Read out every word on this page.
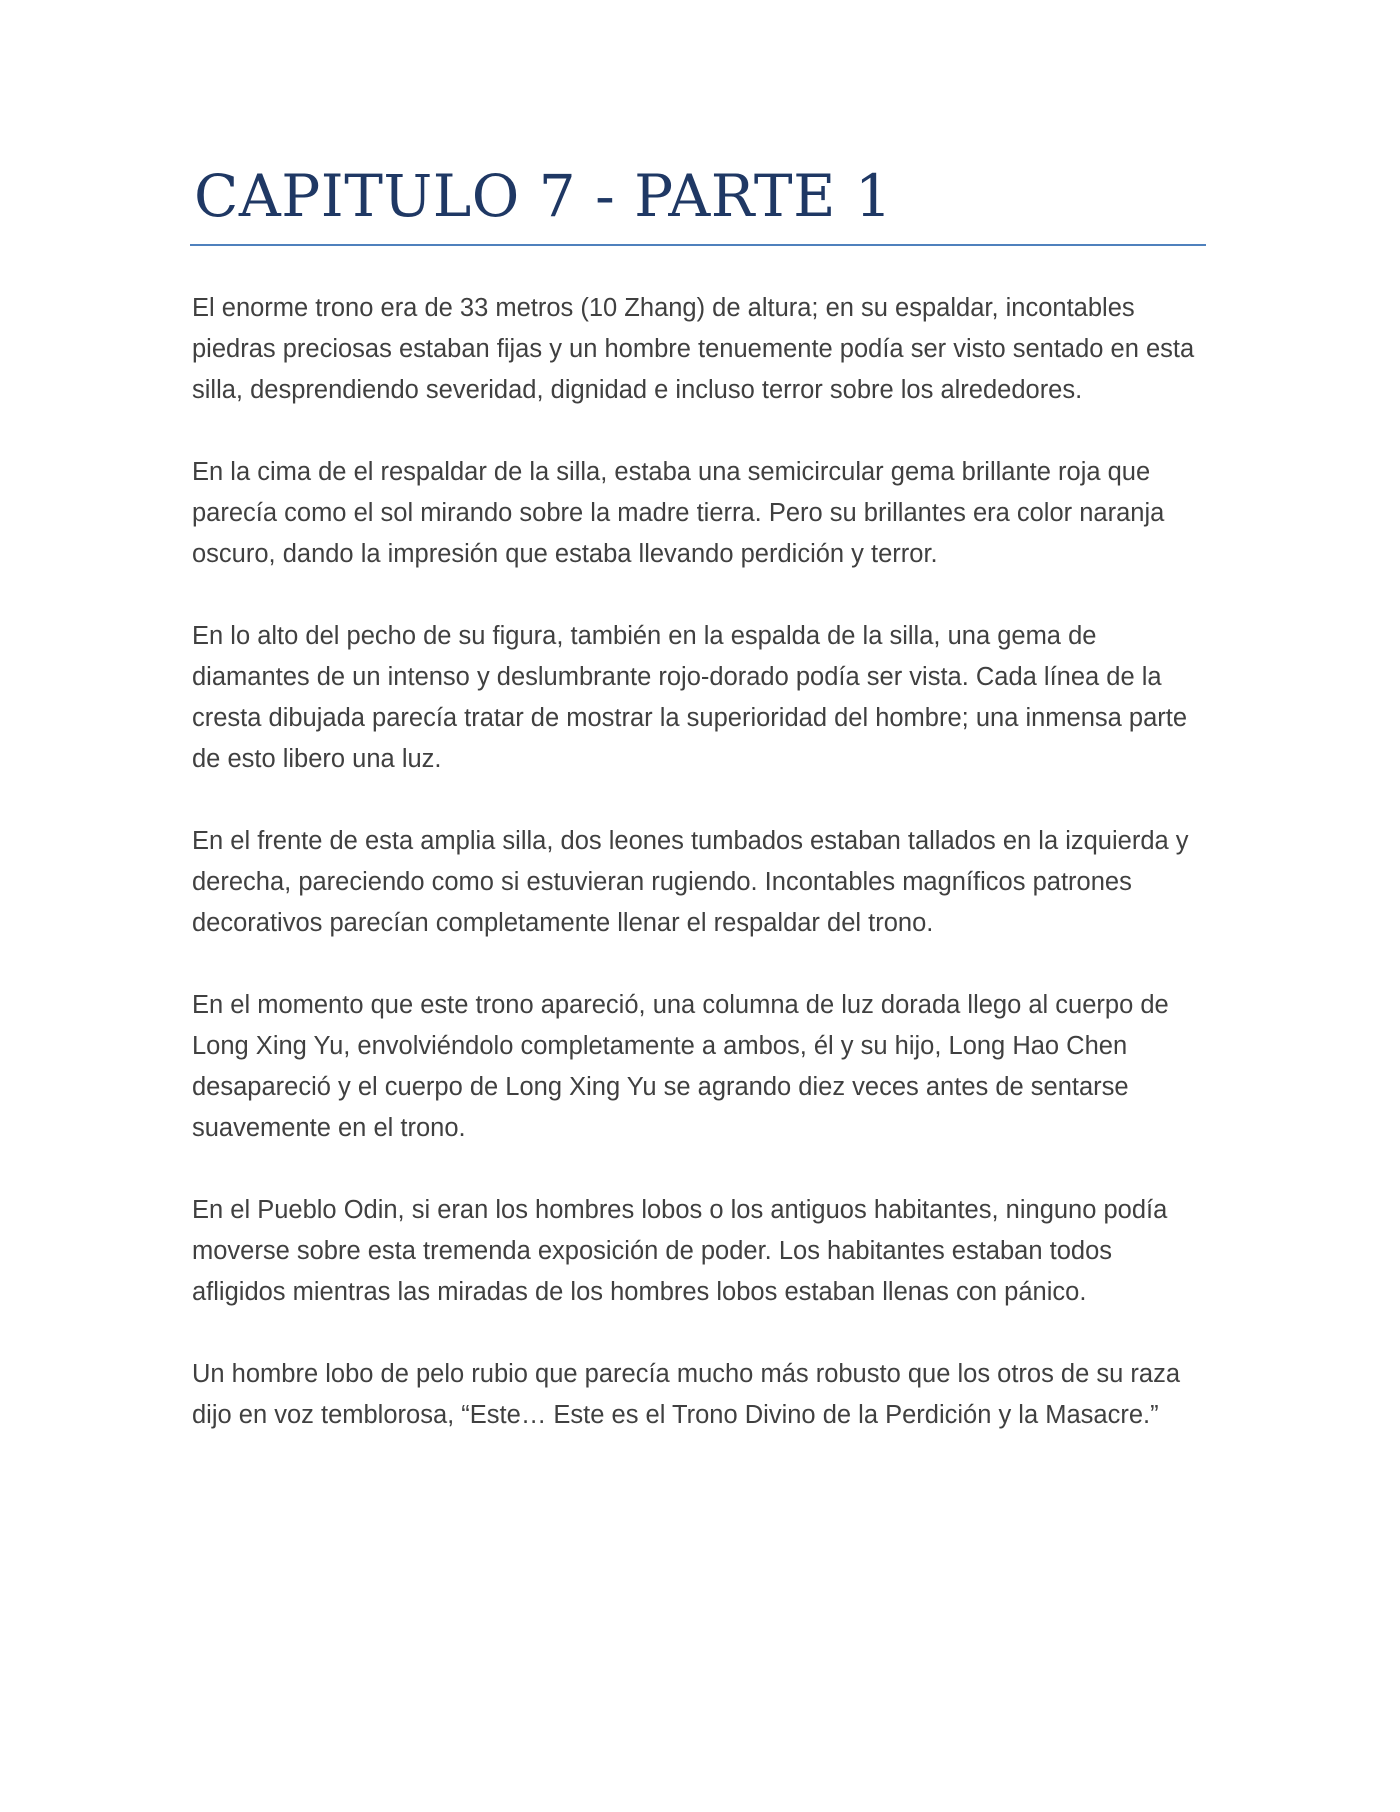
CAPITULO 7 - PARTE 1

El enorme trono era de 33 metros (10 Zhang) de altura; en su espaldar, incontables piedras preciosas estaban fijas y un hombre tenuemente podía ser visto sentado en esta silla, desprendiendo severidad, dignidad e incluso terror sobre los alrededores.

En la cima de el respaldar de la silla, estaba una semicircular gema brillante roja que parecía como el sol mirando sobre la madre tierra. Pero su brillantes era color naranja oscuro, dando la impresión que estaba llevando perdición y terror.

En lo alto del pecho de su figura, también en la espalda de la silla, una gema de diamantes de un intenso y deslumbrante rojo-dorado podía ser vista. Cada línea de la cresta dibujada parecía tratar de mostrar la superioridad del hombre; una inmensa parte de esto libero una luz.

En el frente de esta amplia silla, dos leones tumbados estaban tallados en la izquierda y derecha, pareciendo como si estuvieran rugiendo. Incontables magníficos patrones decorativos parecían completamente llenar el respaldar del trono.

En el momento que este trono apareció, una columna de luz dorada llego al cuerpo de Long Xing Yu, envolviéndolo completamente a ambos, él y su hijo, Long Hao Chen desapareció y el cuerpo de Long Xing Yu se agrando diez veces antes de sentarse suavemente en el trono.

En el Pueblo Odin, si eran los hombres lobos o los antiguos habitantes, ninguno podía moverse sobre esta tremenda exposición de poder. Los habitantes estaban todos afligidos mientras las miradas de los hombres lobos estaban llenas con pánico.

Un hombre lobo de pelo rubio que parecía mucho más robusto que los otros de su raza dijo en voz temblorosa, “Este… Este es el Trono Divino de la Perdición y la Masacre.”
